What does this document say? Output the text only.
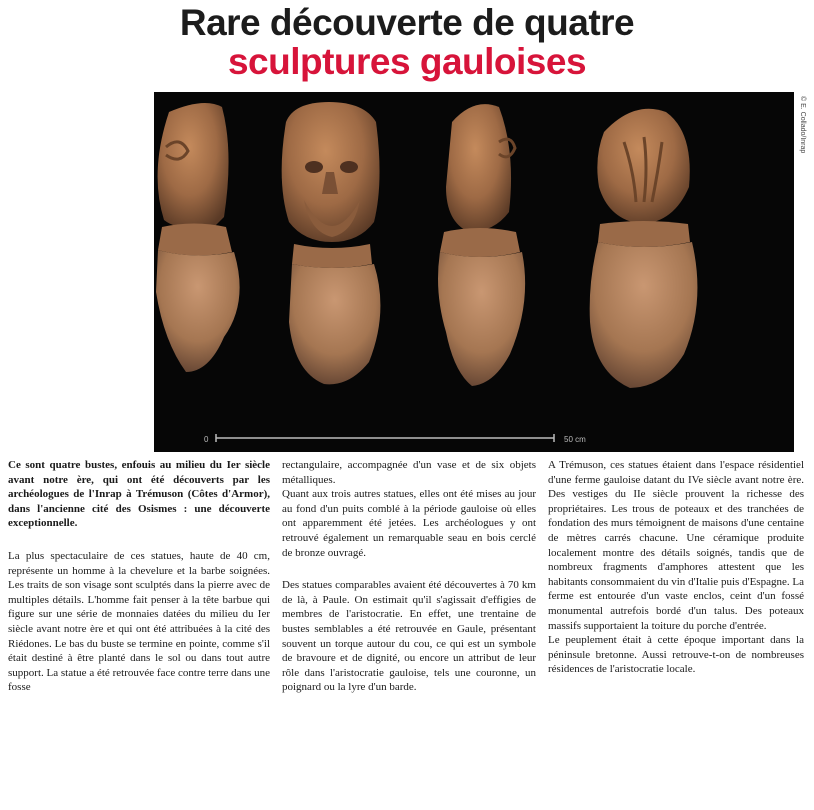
Rare découverte de quatre
sculptures gauloises
0	50 cm
© E. Collado/Inrap

Ce sont quatre bustes, enfouis au milieu du Ier siècle avant notre ère, qui ont été découverts par les archéologues de l'Inrap à Trémuson (Côtes d'Armor), dans l'ancienne cité des Osismes : une découverte exceptionnelle.

La plus spectaculaire de ces statues, haute de 40 cm, représente un homme à la chevelure et la barbe soignées. Les traits de son visage sont sculptés dans la pierre avec de multiples détails. L'homme fait penser à la tête barbue qui figure sur une série de monnaies datées du milieu du Ier siècle avant notre ère et qui ont été attribuées à la cité des Riédones. Le bas du buste se termine en pointe, comme s'il était destiné à être planté dans le sol ou dans tout autre support. La statue a été retrouvée face contre terre dans une fosse

rectangulaire, accompagnée d'un vase et de six objets métalliques.

Quant aux trois autres statues, elles ont été mises au jour au fond d'un puits comblé à la période gauloise où elles ont apparemment été jetées. Les archéologues y ont retrouvé également un remarquable seau en bois cerclé de bronze ouvragé.

Des statues comparables avaient été découvertes à 70 km de là, à Paule. On estimait qu'il s'agissait d'effigies de membres de l'aristocratie. En effet, une trentaine de bustes semblables a été retrouvée en Gaule, présentant souvent un torque autour du cou, ce qui est un symbole de bravoure et de dignité, ou encore un attribut de leur rôle dans l'aristocratie gauloise, tels une couronne, un poignard ou la lyre d'un barde.

A Trémuson, ces statues étaient dans l'espace résidentiel d'une ferme gauloise datant du IVe siècle avant notre ère. Des vestiges du IIe siècle prouvent la richesse des propriétaires. Les trous de poteaux et des tranchées de fondation des murs témoignent de maisons d'une centaine de mètres carrés chacune. Une céramique produite localement montre des détails soignés, tandis que de nombreux fragments d'amphores attestent que les habitants consommaient du vin d'Italie puis d'Espagne. La ferme est entourée d'un vaste enclos, ceint d'un fossé monumental autrefois bordé d'un talus. Des poteaux massifs supportaient la toiture du porche d'entrée.

Le peuplement était à cette époque important dans la péninsule bretonne. Aussi retrouve-t-on de nombreuses résidences de l'aristocratie locale.
